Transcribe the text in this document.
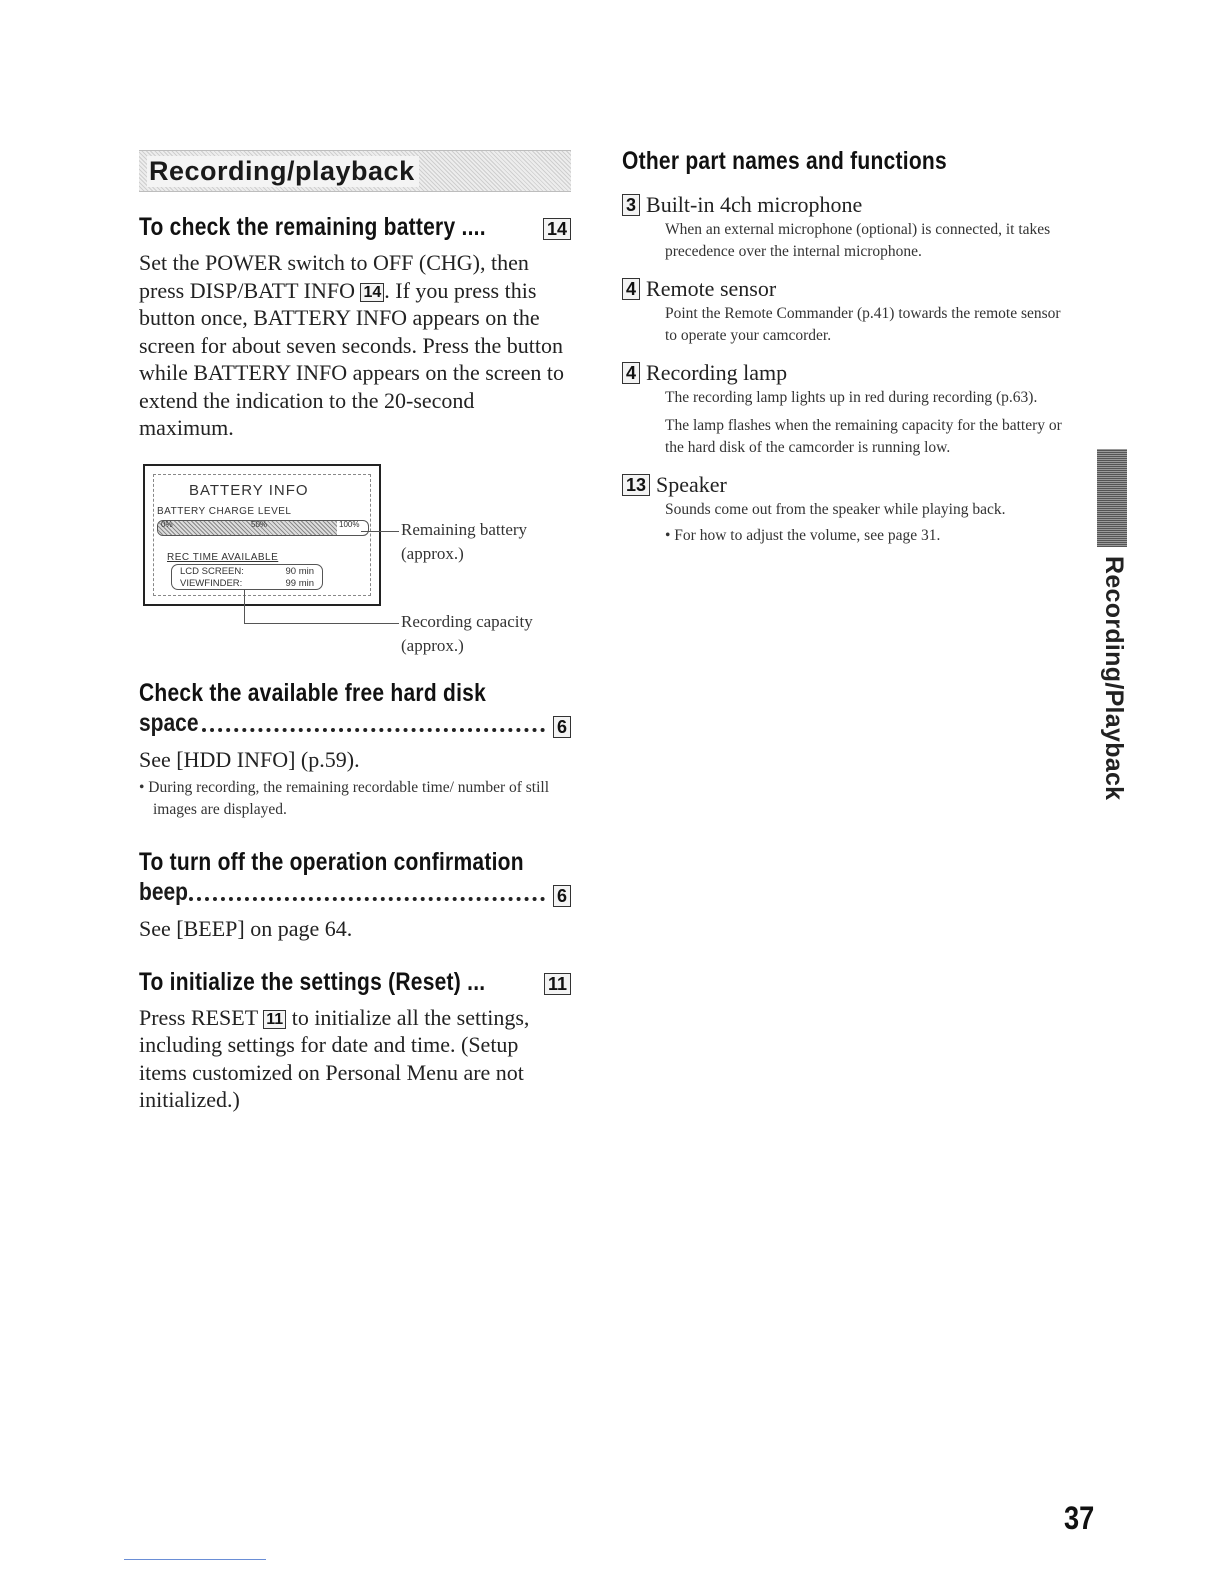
Recording/playback
To check the remaining battery ....	14

Set the POWER switch to OFF (CHG), then press DISP/BATT INFO 14 . If you press this button once, BATTERY INFO appears on the screen for about seven seconds. Press the button while BATTERY INFO appears on the screen to extend the indication to the 20-second maximum.

BATTERY INFO
BATTERY CHARGE LEVEL
0%	50%	100%
REC TIME AVAILABLE
LCD SCREEN:	90 min
VIEWFINDER:	99 min
Remaining battery (approx.)
Recording capacity (approx.)
Check the available free hard disk
space	6

See [HDD INFO] (p.59).

• During recording, the remaining recordable time/ number of still images are displayed.

To turn off the operation confirmation
beep	6

See [BEEP] on page 64.

To initialize the settings (Reset) ...	11

Press RESET 11 to initialize all the settings, including settings for date and time. (Setup items customized on Personal Menu are not initialized.)

Other part names and functions
3 Built-in 4ch microphone

When an external microphone (optional) is connected, it takes precedence over the internal microphone.

4 Remote sensor

Point the Remote Commander (p.41) towards the remote sensor to operate your camcorder.

4 Recording lamp

The recording lamp lights up in red during recording (p.63).

The lamp flashes when the remaining capacity for the battery or the hard disk of the camcorder is running low.

13 Speaker

Sounds come out from the speaker while playing back.

• For how to adjust the volume, see page 31.

Recording/Playback
37
